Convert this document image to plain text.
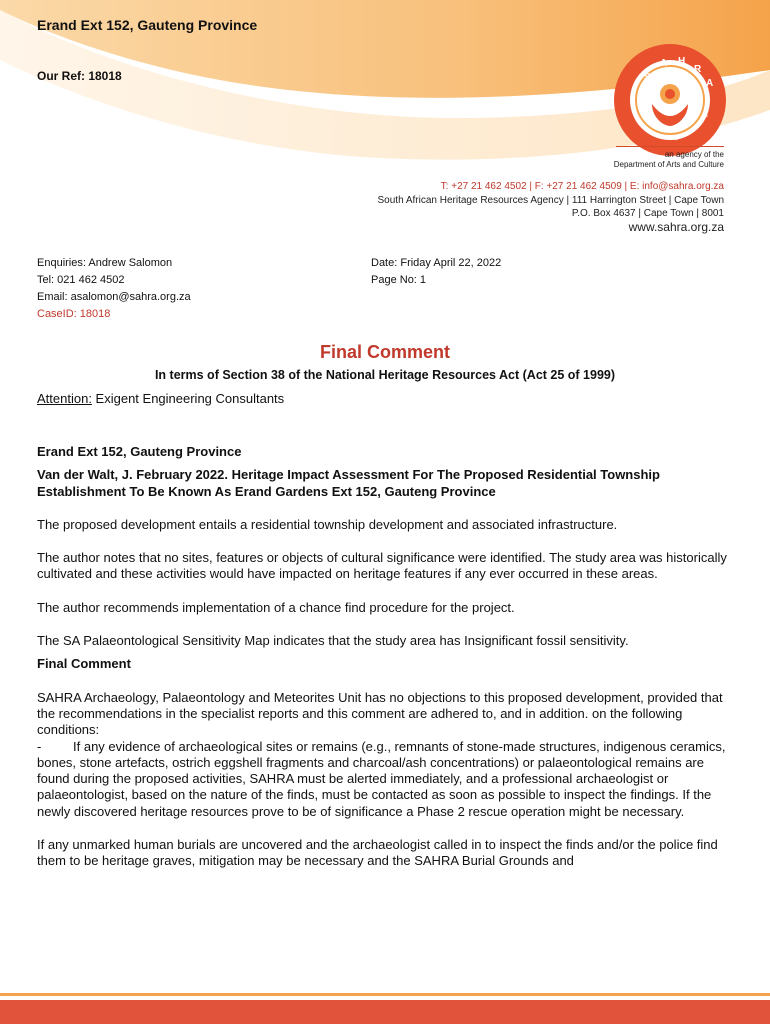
Erand Ext 152, Gauteng Province
Our Ref: 18018	S
A H
R
A
South African Heritage Resources Age
an agency of the
Department of Arts and Culture
T: +27 21 462 4502 | F: +27 21 462 4509 | E: info@sahra.org.za
South African Heritage Resources Agency | 111 Harrington Street | Cape Town
P.O. Box 4637 | Cape Town | 8001
www.sahra.org.za
Enquiries: Andrew Salomon
Tel: 021 462 4502
Email: asalomon@sahra.org.za
CaseID: 18018
Date: Friday April 22, 2022
Page No: 1
Final Comment
In terms of Section 38 of the National Heritage Resources Act (Act 25 of 1999)
Attention: Exigent Engineering Consultants

Erand Ext 152, Gauteng Province

Van der Walt, J. February 2022. Heritage Impact Assessment For The Proposed Residential Township Establishment To Be Known As Erand Gardens Ext 152, Gauteng Province

The proposed development entails a residential township development and associated infrastructure.

The author notes that no sites, features or objects of cultural significance were identified. The study area was historically cultivated and these activities would have impacted on heritage features if any ever occurred in these areas.

The author recommends implementation of a chance find procedure for the project.

The SA Palaeontological Sensitivity Map indicates that the study area has Insignificant fossil sensitivity.

Final Comment

SAHRA Archaeology, Palaeontology and Meteorites Unit has no objections to this proposed development, provided that the recommendations in the specialist reports and this comment are adhered to, and in addition. on the following conditions:

- If any evidence of archaeological sites or remains (e.g., remnants of stone-made structures, indigenous ceramics, bones, stone artefacts, ostrich eggshell fragments and charcoal/ash concentrations) or palaeontological remains are found during the proposed activities, SAHRA must be alerted immediately, and a professional archaeologist or palaeontologist, based on the nature of the finds, must be contacted as soon as possible to inspect the findings. If the newly discovered heritage resources prove to be of significance a Phase 2 rescue operation might be necessary.

If any unmarked human burials are uncovered and the archaeologist called in to inspect the finds and/or the police find them to be heritage graves, mitigation may be necessary and the SAHRA Burial Grounds and
